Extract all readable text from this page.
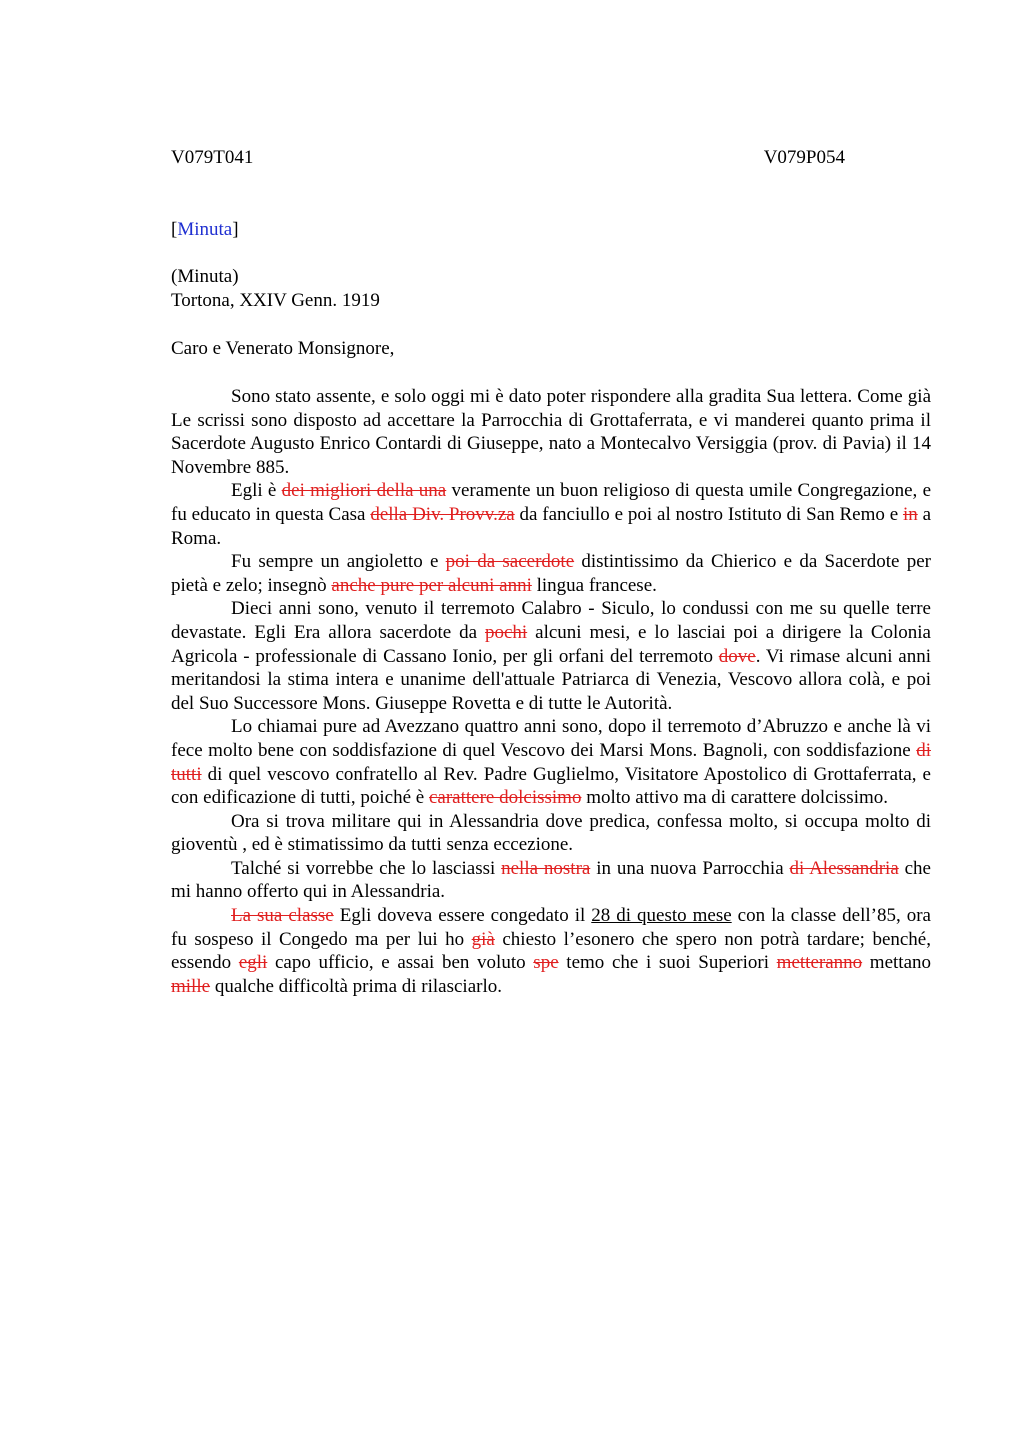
V079T041	V079P054
[Minuta]
(Minuta)
Tortona, XXIV Genn. 1919
Caro e Venerato Monsignore,

Sono stato assente, e solo oggi mi è dato poter rispondere alla gradita Sua lettera. Come già Le scrissi sono disposto ad accettare la Parrocchia di Grottaferrata, e vi manderei quanto prima il Sacerdote Augusto Enrico Contardi di Giuseppe, nato a Montecalvo Versiggia (prov. di Pavia) il 14 Novembre 885.

Egli è dei migliori della una veramente un buon religioso di questa umile Congregazione, e fu educato in questa Casa della Div. Provv.za da fanciullo e poi al nostro Istituto di San Remo e in a Roma.

Fu sempre un angioletto e poi da sacerdote distintissimo da Chierico e da Sacerdote per pietà e zelo; insegnò anche pure per alcuni anni lingua francese.

Dieci anni sono, venuto il terremoto Calabro - Siculo, lo condussi con me su quelle terre devastate. Egli Era allora sacerdote da pochi alcuni mesi, e lo lasciai poi a dirigere la Colonia Agricola - professionale di Cassano Ionio, per gli orfani del terremoto dove. Vi rimase alcuni anni meritandosi la stima intera e unanime dell'attuale Patriarca di Venezia, Vescovo allora colà, e poi del Suo Successore Mons. Giuseppe Rovetta e di tutte le Autorità.

Lo chiamai pure ad Avezzano quattro anni sono, dopo il terremoto d’Abruzzo e anche là vi fece molto bene con soddisfazione di quel Vescovo dei Marsi Mons. Bagnoli, con soddisfazione di tutti di quel vescovo confratello al Rev. Padre Guglielmo, Visitatore Apostolico di Grottaferrata, e con edificazione di tutti, poiché è carattere dolcissimo molto attivo ma di carattere dolcissimo.

Ora si trova militare qui in Alessandria dove predica, confessa molto, si occupa molto di gioventù , ed è stimatissimo da tutti senza eccezione.

Talché si vorrebbe che lo lasciassi nella nostra in una nuova Parrocchia di Alessandria che mi hanno offerto qui in Alessandria.

La sua classe Egli doveva essere congedato il 28 di questo mese con la classe dell’85, ora fu sospeso il Congedo ma per lui ho già chiesto l’esonero che spero non potrà tardare; benché, essendo egli capo ufficio, e assai ben voluto spe temo che i suoi Superiori metteranno mettano mille qualche difficoltà prima di rilasciarlo.
